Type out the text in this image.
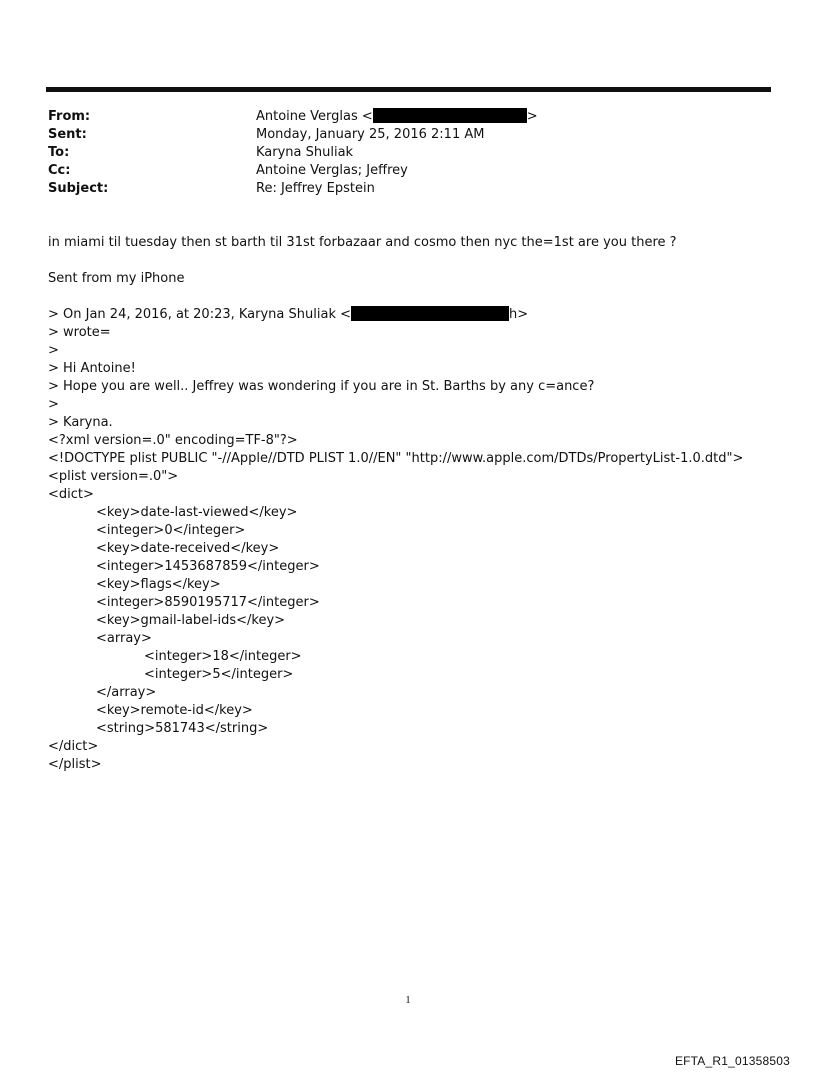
From:	Antoine Verglas <	>
Sent:	Monday, January 25, 2016 2:11 AM
To:	Karyna Shuliak
Cc:	Antoine Verglas; Jeffrey
Subject:	Re: Jeffrey Epstein
in miami til tuesday then st barth til 31st forbazaar and cosmo then nyc the=1st are you there ?
Sent from my iPhone
> On Jan 24, 2016, at 20:23, Karyna Shuliak <	h>
> wrote=
>
> Hi Antoine!
> Hope you are well.. Jeffrey was wondering if you are in St. Barths by any c=ance?
>
> Karyna.
<?xml version=.0" encoding=TF-8"?>
<!DOCTYPE plist PUBLIC "-//Apple//DTD PLIST 1.0//EN" "http://www.apple.com/DTDs/PropertyList-1.0.dtd">
<plist version=.0">
<dict>
<key>date-last-viewed</key>
<integer>0</integer>
<key>date-received</key>
<integer>1453687859</integer>
<key>flags</key>
<integer>8590195717</integer>
<key>gmail-label-ids</key>
<array>
<integer>18</integer>
<integer>5</integer>
</array>
<key>remote-id</key>
<string>581743</string>
</dict>
</plist>
1
EFTA_R1_01358503
